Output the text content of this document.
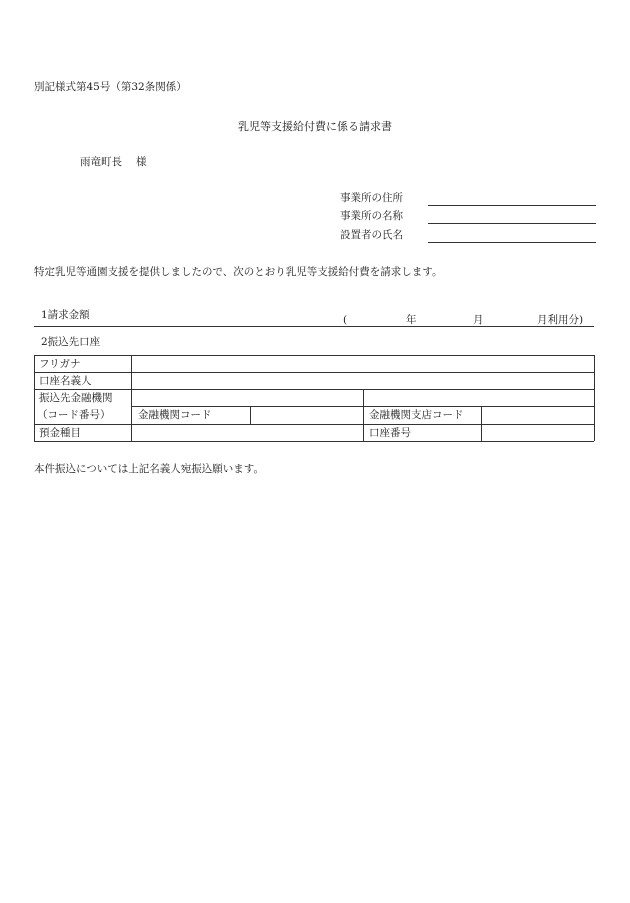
別記様式第45号（第32条関係）
乳児等支援給付費に係る請求書
雨竜町長 様
事業所の住所
事業所の名称
設置者の氏名
特定乳児等通園支援を提供しましたので、次のとおり乳児等支援給付費を請求します。
1請求金額	(	年	月	月利用分)
2振込先口座
フリガナ
口座名義人
振込先金融機関
（コード番号）	金融機関コード	金融機関支店コード
預金種目	口座番号
本件振込については上記名義人宛振込願います。
